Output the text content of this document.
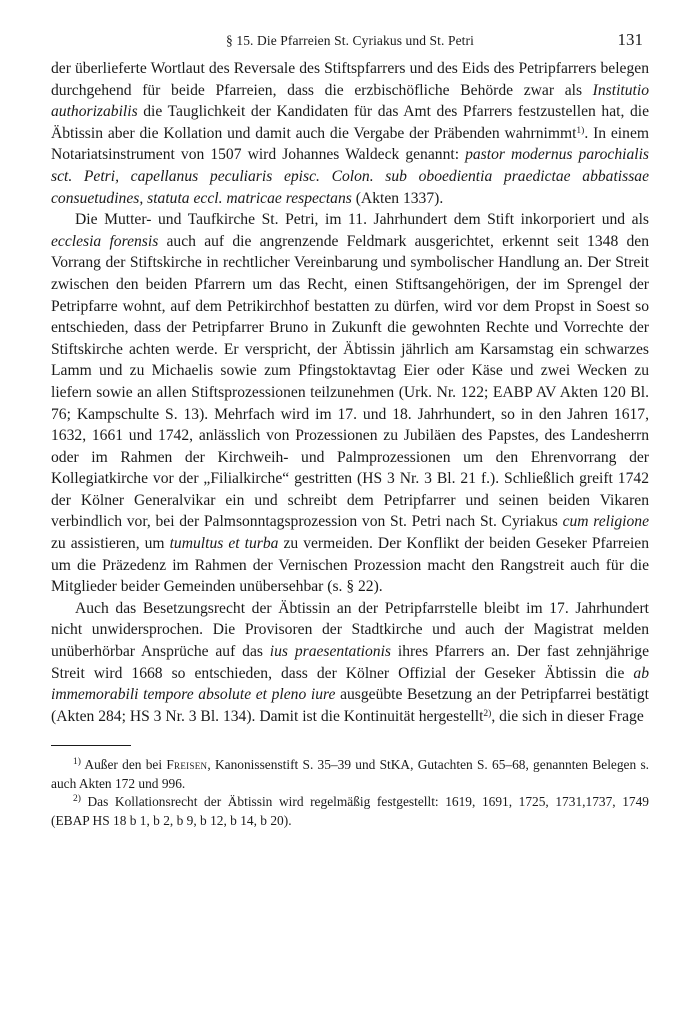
§ 15. Die Pfarreien St. Cyriakus und St. Petri	131

der überlieferte Wortlaut des Reversale des Stiftspfarrers und des Eids des Petripfarrers belegen durchgehend für beide Pfarreien, dass die erzbischöfliche Behörde zwar als Institutio authorizabilis die Tauglichkeit der Kandidaten für das Amt des Pfarrers festzustellen hat, die Äbtissin aber die Kollation und damit auch die Vergabe der Präbenden wahrnimmt$^{1)}$. In einem Notariatsinstrument von 1507 wird Johannes Waldeck genannt: pastor modernus parochialis sct. Petri, capellanus peculiaris episc. Colon. sub oboedientia praedictae abbatissae consuetudines, statuta eccl. matricae respectans (Akten 1337).

Die Mutter- und Taufkirche St. Petri, im 11. Jahrhundert dem Stift inkorporiert und als ecclesia forensis auch auf die angrenzende Feldmark ausgerichtet, erkennt seit 1348 den Vorrang der Stiftskirche in rechtlicher Vereinbarung und symbolischer Handlung an. Der Streit zwischen den beiden Pfarrern um das Recht, einen Stiftsangehörigen, der im Sprengel der Petripfarre wohnt, auf dem Petrikirchhof bestatten zu dürfen, wird vor dem Propst in Soest so entschieden, dass der Petripfarrer Bruno in Zukunft die gewohnten Rechte und Vorrechte der Stiftskirche achten werde. Er verspricht, der Äbtissin jährlich am Karsamstag ein schwarzes Lamm und zu Michaelis sowie zum Pfingstoktavtag Eier oder Käse und zwei Wecken zu liefern sowie an allen Stiftsprozessionen teilzunehmen (Urk. Nr. 122; EABP AV Akten 120 Bl. 76; Kampschulte S. 13). Mehrfach wird im 17. und 18. Jahrhundert, so in den Jahren 1617, 1632, 1661 und 1742, anlässlich von Prozessionen zu Jubiläen des Papstes, des Landesherrn oder im Rahmen der Kirchweih- und Palmprozessionen um den Ehrenvorrang der Kollegiatkirche vor der „Filialkirche“ gestritten (HS 3 Nr. 3 Bl. 21 f.). Schließlich greift 1742 der Kölner Generalvikar ein und schreibt dem Petripfarrer und seinen beiden Vikaren verbindlich vor, bei der Palmsonntagsprozession von St. Petri nach St. Cyriakus cum religione zu assistieren, um tumultus et turba zu vermeiden. Der Konflikt der beiden Geseker Pfarreien um die Präzedenz im Rahmen der Vernischen Prozession macht den Rangstreit auch für die Mitglieder beider Gemeinden unübersehbar (s. § 22).

Auch das Besetzungsrecht der Äbtissin an der Petripfarrstelle bleibt im 17. Jahrhundert nicht unwidersprochen. Die Provisoren der Stadtkirche und auch der Magistrat melden unüberhörbar Ansprüche auf das ius praesentationis ihres Pfarrers an. Der fast zehnjährige Streit wird 1668 so entschieden, dass der Kölner Offizial der Geseker Äbtissin die ab immemorabili tempore absolute et pleno iure ausgeübte Besetzung an der Petripfarrei bestätigt (Akten 284; HS 3 Nr. 3 Bl. 134). Damit ist die Kontinuität hergestellt$^{2)}$, die sich in dieser Frage

$^{1)}$ Außer den bei Freisen, Kanonissenstift S. 35–39 und StKA, Gutachten S. 65–68, genannten Belegen s. auch Akten 172 und 996.

$^{2)}$ Das Kollationsrecht der Äbtissin wird regelmäßig festgestellt: 1619, 1691, 1725, 1731,1737, 1749 (EBAP HS 18 b 1, b 2, b 9, b 12, b 14, b 20).
